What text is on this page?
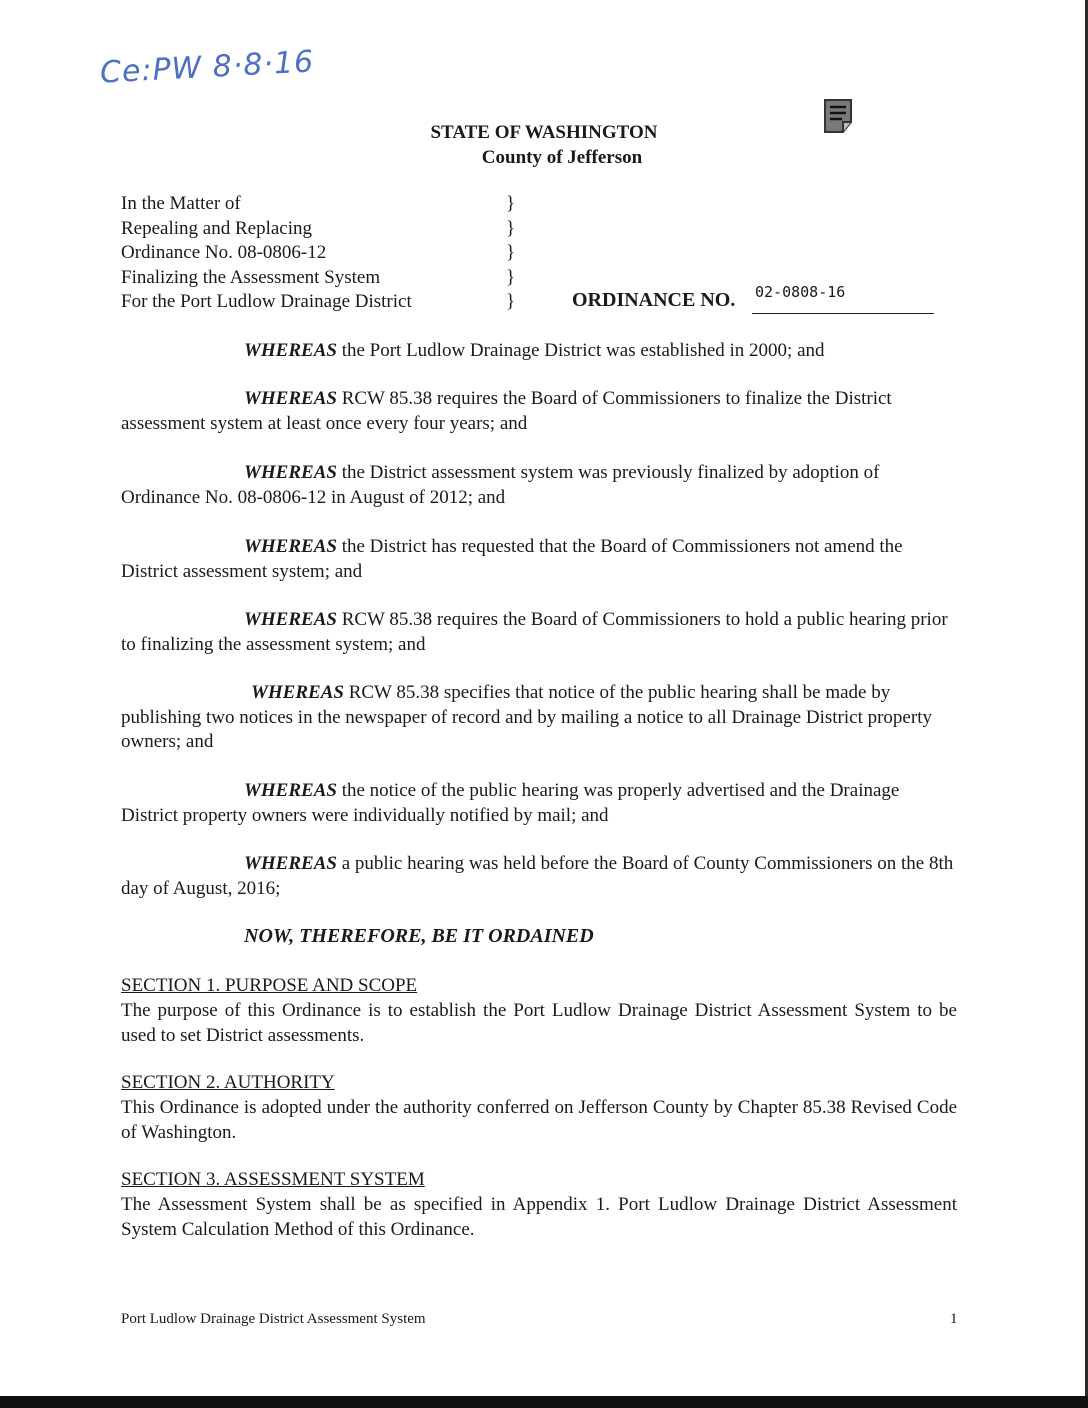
Ce:PW 8·8·16
STATE OF WASHINGTON
County of Jefferson
In the Matter of
Repealing and Replacing
Ordinance No. 08-0806-12
Finalizing the Assessment System
For the Port Ludlow Drainage District
}
}
}
}
}	ORDINANCE NO. 02-0808-16
WHEREAS the Port Ludlow Drainage District was established in 2000; and
WHEREAS RCW 85.38 requires the Board of Commissioners to finalize the District assessment system at least once every four years; and
WHEREAS the District assessment system was previously finalized by adoption of Ordinance No. 08-0806-12 in August of 2012; and
WHEREAS the District has requested that the Board of Commissioners not amend the District assessment system; and
WHEREAS RCW 85.38 requires the Board of Commissioners to hold a public hearing prior to finalizing the assessment system; and
WHEREAS RCW 85.38 specifies that notice of the public hearing shall be made by publishing two notices in the newspaper of record and by mailing a notice to all Drainage District property owners; and
WHEREAS the notice of the public hearing was properly advertised and the Drainage District property owners were individually notified by mail; and
WHEREAS a public hearing was held before the Board of County Commissioners on the 8th day of August, 2016;
NOW, THEREFORE, BE IT ORDAINED
SECTION 1. PURPOSE AND SCOPE
The purpose of this Ordinance is to establish the Port Ludlow Drainage District Assessment System to be used to set District assessments.
SECTION 2. AUTHORITY
This Ordinance is adopted under the authority conferred on Jefferson County by Chapter 85.38 Revised Code of Washington.
SECTION 3. ASSESSMENT SYSTEM
The Assessment System shall be as specified in Appendix 1. Port Ludlow Drainage District Assessment System Calculation Method of this Ordinance.
Port Ludlow Drainage District Assessment System	1
